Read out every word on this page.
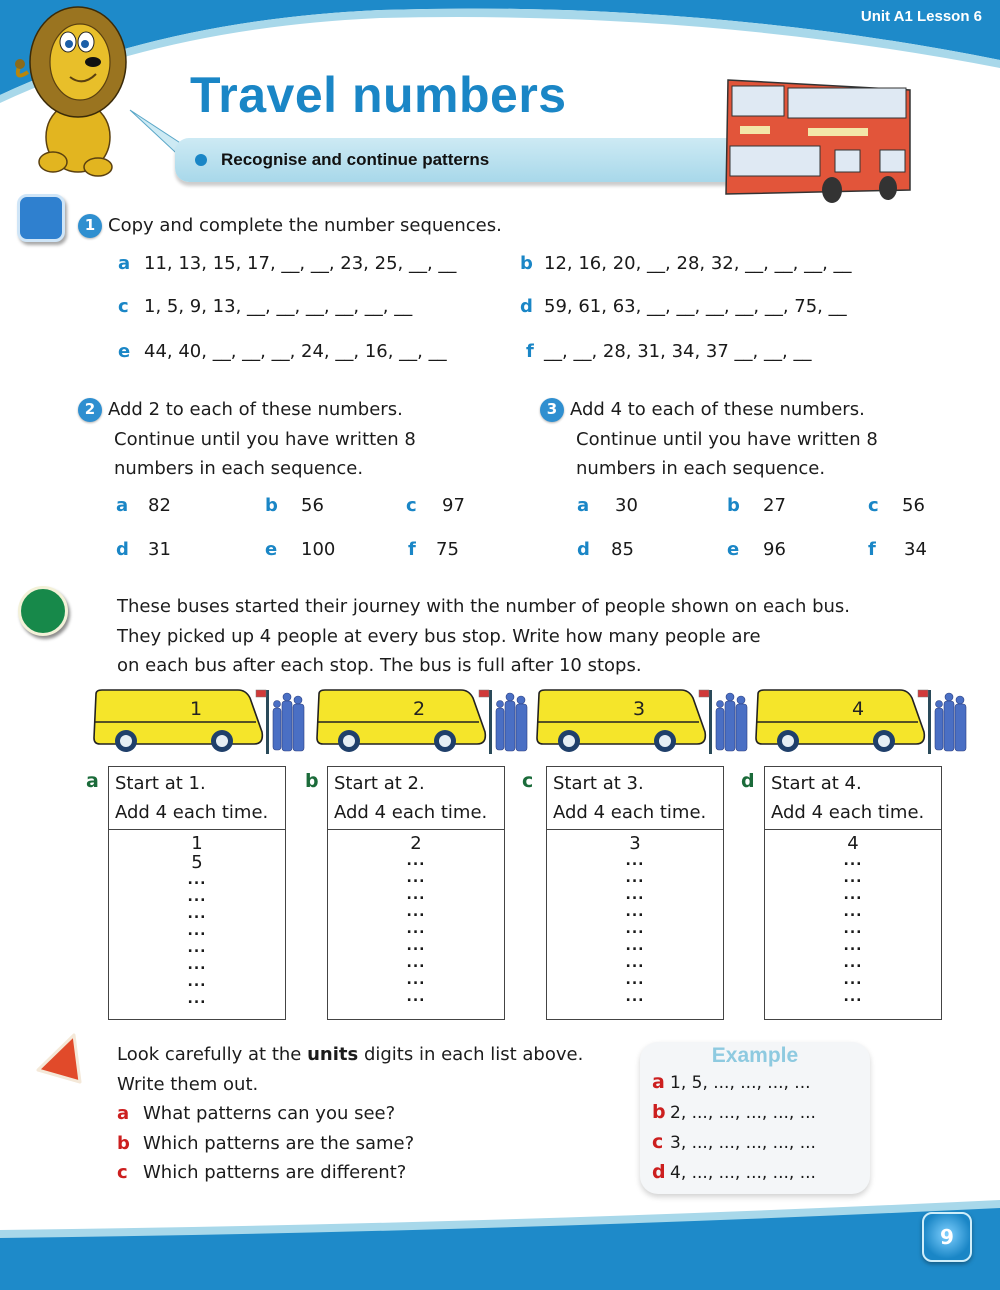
Unit A1 Lesson 6
Travel numbers
Recognise and continue patterns
1 Copy and complete the number sequences.
a 11, 13, 15, 17, __, __, 23, 25, __, __	b 12, 16, 20, __, 28, 32, __, __, __, __
c 1, 5, 9, 13, __, __, __, __, __, __	d 59, 61, 63, __, __, __, __, __, 75, __
e 44, 40, __, __, __, 24, __, 16, __, __	f __, __, 28, 31, 34, 37 __, __, __
2 Add 2 to each of these numbers.
Continue until you have written 8
numbers in each sequence.
a 82	b 56	c 97
d 31	e 100	f 75
3 Add 4 to each of these numbers.
Continue until you have written 8
numbers in each sequence.
a 30	b 27	c 56
d 85	e 96	f 34
These buses started their journey with the number of people shown on each bus.
They picked up 4 people at every bus stop. Write how many people are
on each bus after each stop. The bus is full after 10 stops.
1	2	3	4
a Start at 1.
Add 4 each time.
1
5
...
...
...
...
...
...
...
...
b Start at 2.
Add 4 each time.
2
...
...
...
...
...
...
...
...
...
c Start at 3.
Add 4 each time.
3
...
...
...
...
...
...
...
...
...
d Start at 4.
Add 4 each time.
4
...
...
...
...
...
...
...
...
...
Look carefully at the units digits in each list above.
Write them out.
a What patterns can you see?
b Which patterns are the same?
c Which patterns are different?
Example
a 1, 5, ..., ..., ..., ...
b 2, ..., ..., ..., ..., ...
c 3, ..., ..., ..., ..., ...
d 4, ..., ..., ..., ..., ...
9
